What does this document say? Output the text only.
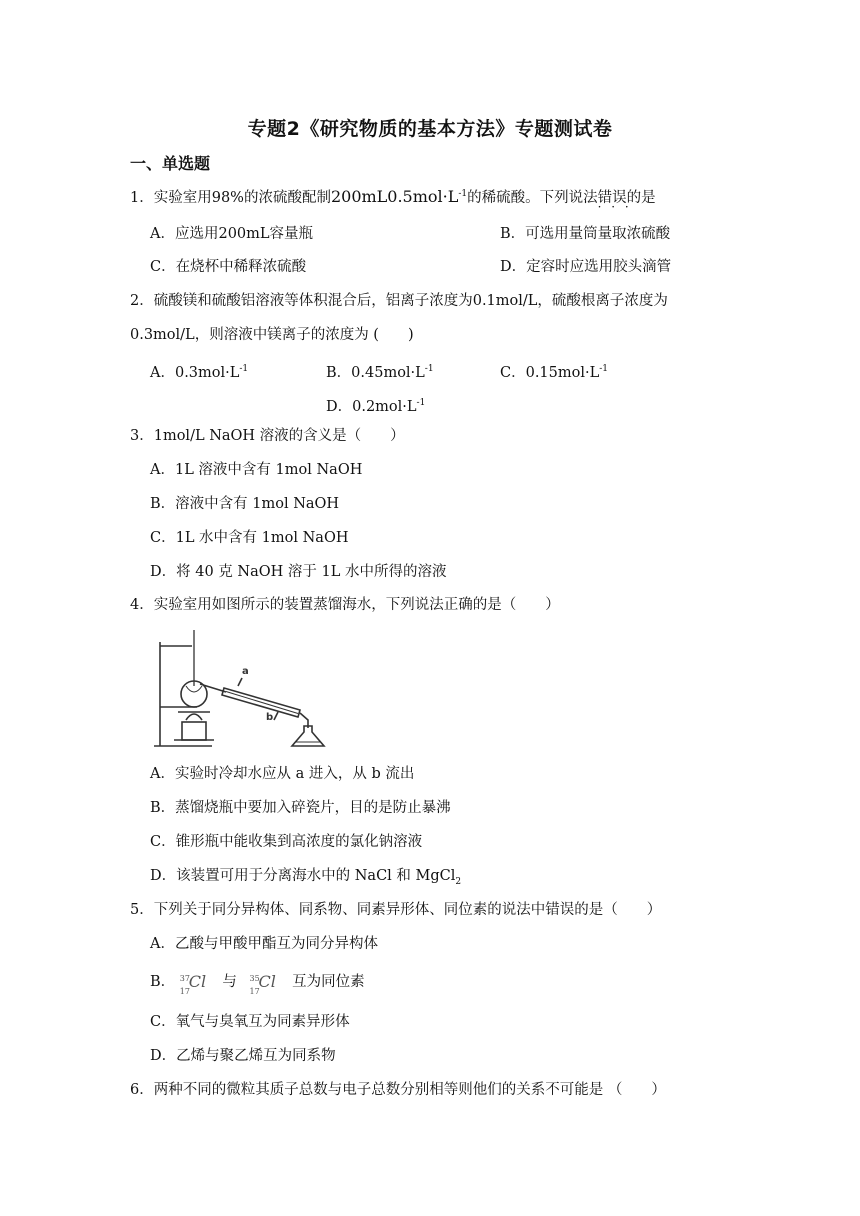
专题2《研究物质的基本方法》专题测试卷
一、单选题
1．实验室用98%的浓硫酸配制$200mL0.5mol\cdot L^{-1}$的稀硫酸。下列说法错误 · · ·的是
A．应选用200mL容量瓶	B．可选用量筒量取浓硫酸
C．在烧杯中稀释浓硫酸	D．定容时应选用胶头滴管
2．硫酸镁和硫酸铝溶液等体积混合后，铝离子浓度为0.1mol/L，硫酸根离子浓度为
0.3mol/L，则溶液中镁离子的浓度为 (　　)
A．$0.3mol\cdot L^{-1}$	B．$0.45mol\cdot L^{-1}$	C．$0.15mol\cdot L^{-1}$
D．$0.2mol\cdot L^{-1}$
3．1mol/L NaOH 溶液的含义是（　　）
A．1L 溶液中含有 1mol NaOH
B．溶液中含有 1mol NaOH
C．1L 水中含有 1mol NaOH
D．将 40 克 NaOH 溶于 1L 水中所得的溶液
4．实验室用如图所示的装置蒸馏海水，下列说法正确的是（　　）
a
b
A．实验时冷却水应从 a 进入，从 b 流出
B．蒸馏烧瓶中要加入碎瓷片，目的是防止暴沸
C．锥形瓶中能收集到高浓度的氯化钠溶液
D．该装置可用于分离海水中的 NaCl 和 MgCl$_2$
5．下列关于同分异构体、同系物、同素异形体、同位素的说法中错误的是（　　）
A．乙酸与甲酸甲酯互为同分异构体
B． 37
17
Cl 与 35
17
Cl 互为同位素
C．氧气与臭氧互为同素异形体
D．乙烯与聚乙烯互为同系物
6．两种不同的微粒其质子总数与电子总数分别相等则他们的关系不可能是 （　　）
